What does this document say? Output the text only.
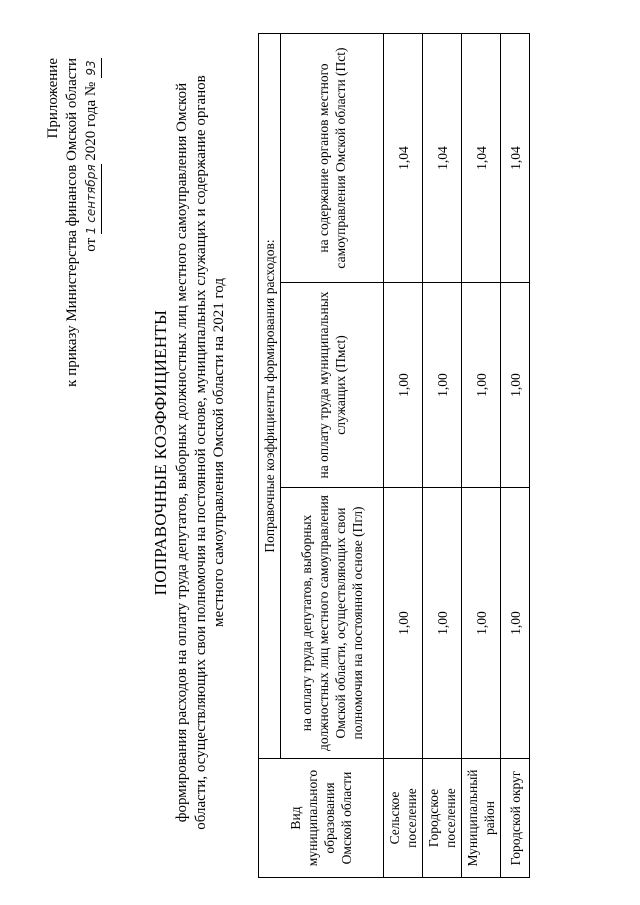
Приложение к приказу Министерства финансов Омской области от 1 сентября 2020 года № 93
ПОПРАВОЧНЫЕ КОЭФФИЦИЕНТЫ формирования расходов на оплату труда депутатов, выборных должностных лиц местного самоуправления Омской области, осуществляющих свои полномочия на постоянной основе, муниципальных служащих и содержание органов местного самоуправления Омской области на 2021 год
Вид муниципального образования Омской области	Поправочные коэффициенты формирования расходов:		
	на оплату труда депутатов, выборных должностных лиц местного самоуправления Омской области, осуществляющих свои полномочия на постоянной основе (Пгл)	на оплату труда муниципальных служащих (Пмсt)	на содержание органов местного самоуправления Омской области (Пct)
Сельское поселение	1,00	1,00	1,04
Городское поселение	1,00	1,00	1,04
Муниципальный район	1,00	1,00	1,04
Городской округ	1,00	1,00	1,04
